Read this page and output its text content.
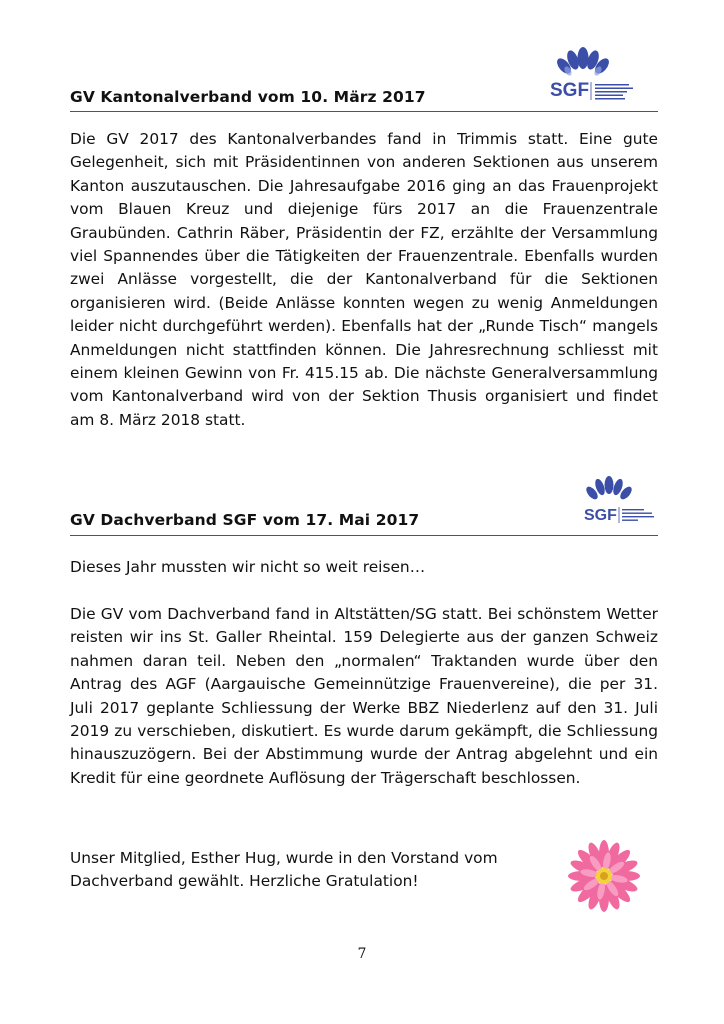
SGF
GV Kantonalverband vom 10. März 2017

Die GV 2017 des Kantonalverbandes fand in Trimmis statt. Eine gute Gelegenheit, sich mit Präsidentinnen von anderen Sektionen aus unserem Kanton auszutauschen. Die Jahresaufgabe 2016 ging an das Frauenprojekt vom Blauen Kreuz und diejenige fürs 2017 an die Frauenzentrale Graubünden. Cathrin Räber, Präsidentin der FZ, erzählte der Versammlung viel Spannendes über die Tätigkeiten der Frauenzentrale. Ebenfalls wurden zwei Anlässe vorgestellt, die der Kantonalverband für die Sektionen organisieren wird. (Beide Anlässe konnten wegen zu wenig Anmeldungen leider nicht durchgeführt werden). Ebenfalls hat der „Runde Tisch“ mangels Anmeldungen nicht stattfinden können. Die Jahresrechnung schliesst mit einem kleinen Gewinn von Fr. 415.15 ab. Die nächste Generalversammlung vom Kantonalverband wird von der Sektion Thusis organisiert und findet am 8. März 2018 statt.

SGF
GV Dachverband SGF vom 17. Mai 2017

Dieses Jahr mussten wir nicht so weit reisen…

Die GV vom Dachverband fand in Altstätten/SG statt. Bei schönstem Wetter reisten wir ins St. Galler Rheintal. 159 Delegierte aus der ganzen Schweiz nahmen daran teil. Neben den „normalen“ Traktanden wurde über den Antrag des AGF (Aargauische Gemeinnützige Frauenvereine), die per 31. Juli 2017 geplante Schliessung der Werke BBZ Niederlenz auf den 31. Juli 2019 zu verschieben, diskutiert. Es wurde darum gekämpft, die Schliessung hinauszuzögern. Bei der Abstimmung wurde der Antrag abgelehnt und ein Kredit für eine geordnete Auflösung der Trägerschaft beschlossen.

Unser Mitglied, Esther Hug, wurde in den Vorstand vom Dachverband gewählt. Herzliche Gratulation!

7
